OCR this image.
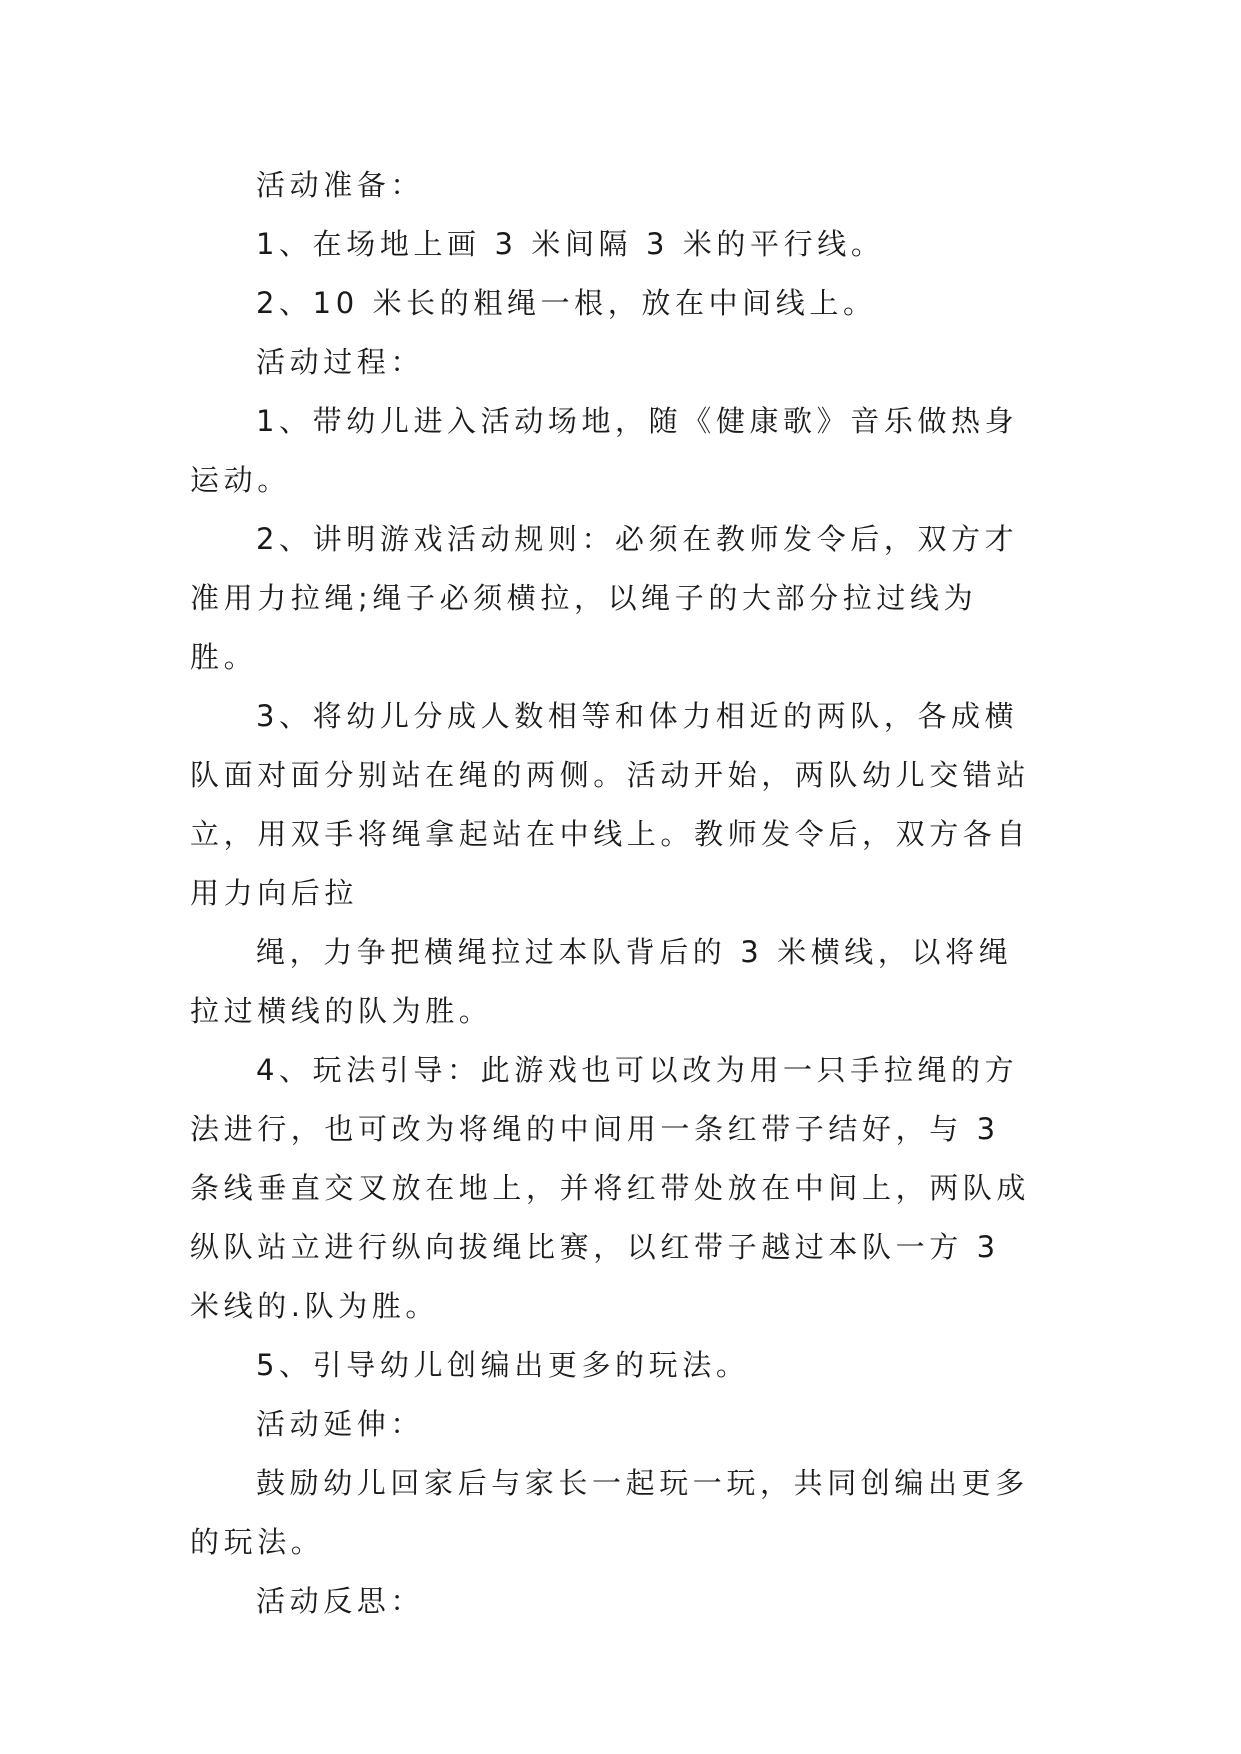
活动准备：

1、在场地上画 3 米间隔 3 米的平行线。

2、10 米长的粗绳一根，放在中间线上。

活动过程：

1、带幼儿进入活动场地，随《健康歌》音乐做热身运动。

2、讲明游戏活动规则：必须在教师发令后，双方才准用力拉绳;绳子必须横拉，以绳子的大部分拉过线为胜。

3、将幼儿分成人数相等和体力相近的两队，各成横队面对面分别站在绳的两侧。活动开始，两队幼儿交错站立，用双手将绳拿起站在中线上。教师发令后，双方各自用力向后拉

绳，力争把横绳拉过本队背后的 3 米横线，以将绳拉过横线的队为胜。

4、玩法引导：此游戏也可以改为用一只手拉绳的方法进行，也可改为将绳的中间用一条红带子结好，与 3 条线垂直交叉放在地上，并将红带处放在中间上，两队成纵队站立进行纵向拔绳比赛，以红带子越过本队一方 3 米线的.队为胜。

5、引导幼儿创编出更多的玩法。

活动延伸：

鼓励幼儿回家后与家长一起玩一玩，共同创编出更多的玩法。

活动反思：
